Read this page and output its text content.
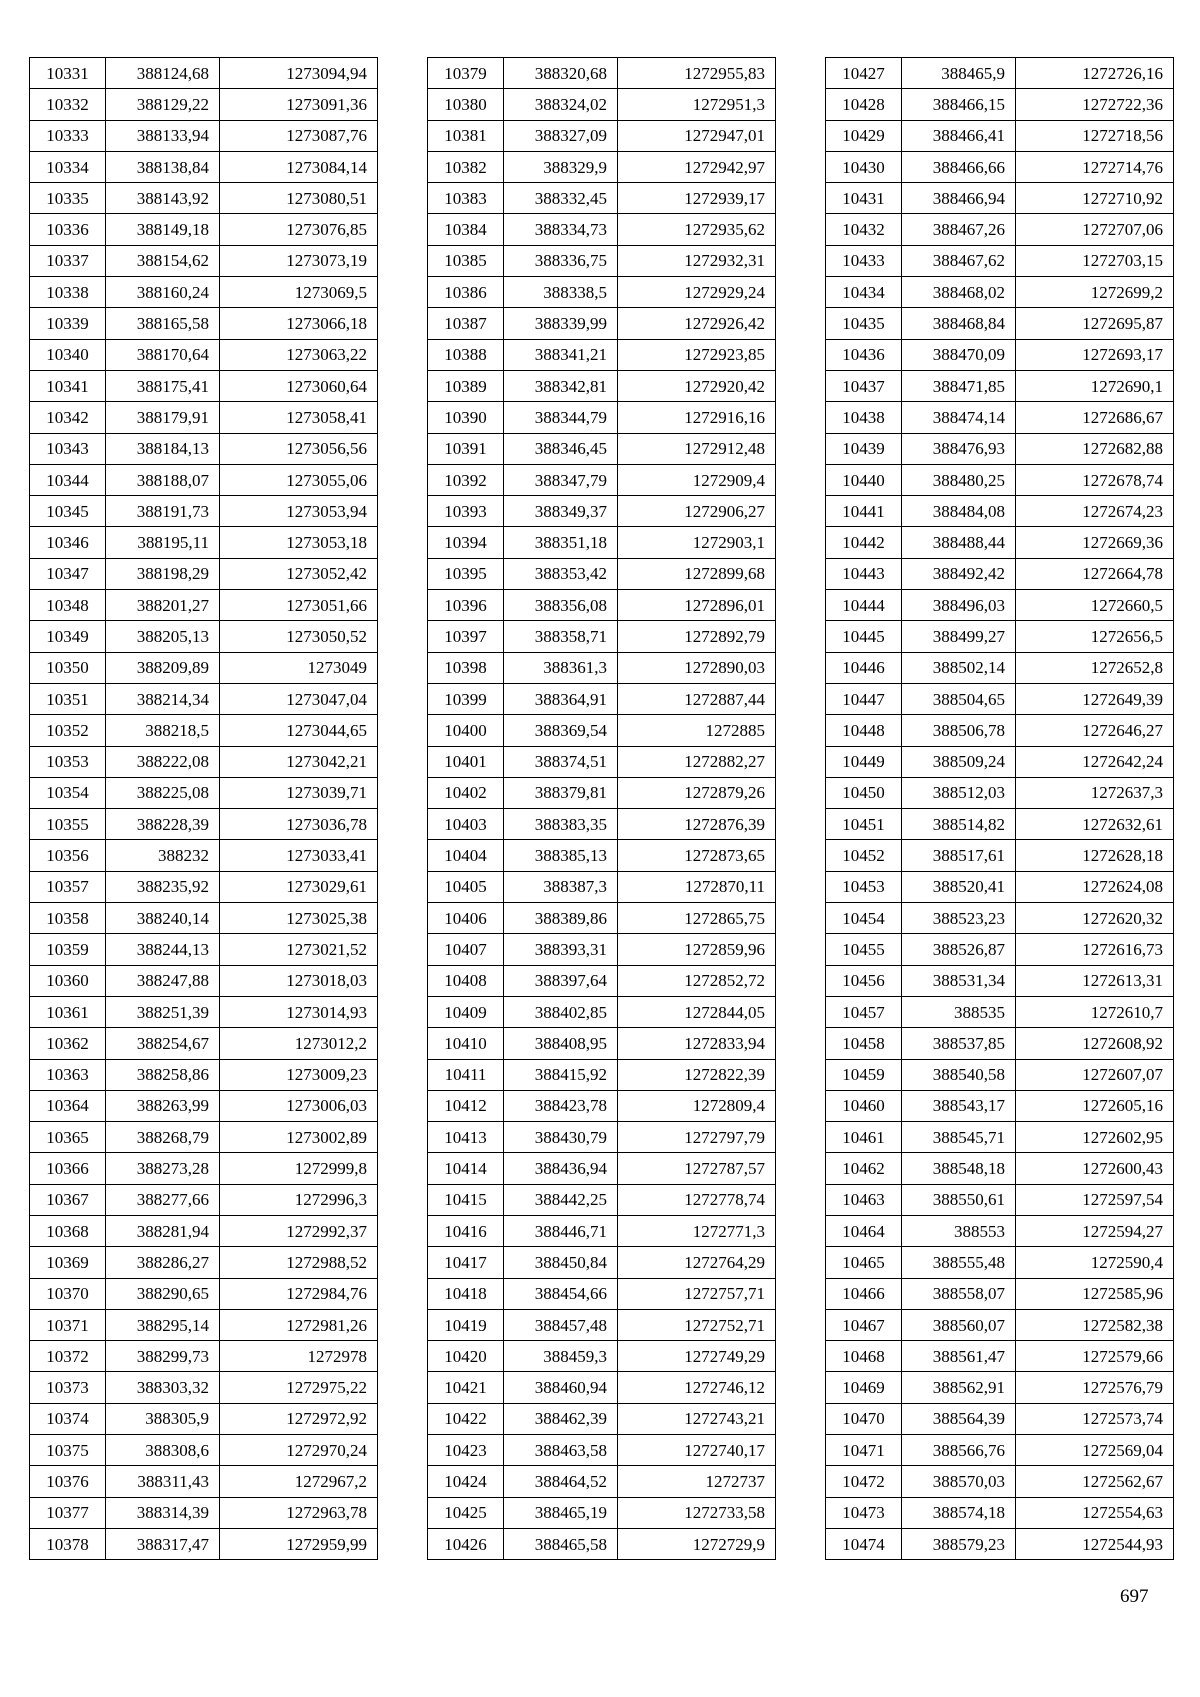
10331	388124,68	1273094,94
10332	388129,22	1273091,36
10333	388133,94	1273087,76
10334	388138,84	1273084,14
10335	388143,92	1273080,51
10336	388149,18	1273076,85
10337	388154,62	1273073,19
10338	388160,24	1273069,5
10339	388165,58	1273066,18
10340	388170,64	1273063,22
10341	388175,41	1273060,64
10342	388179,91	1273058,41
10343	388184,13	1273056,56
10344	388188,07	1273055,06
10345	388191,73	1273053,94
10346	388195,11	1273053,18
10347	388198,29	1273052,42
10348	388201,27	1273051,66
10349	388205,13	1273050,52
10350	388209,89	1273049
10351	388214,34	1273047,04
10352	388218,5	1273044,65
10353	388222,08	1273042,21
10354	388225,08	1273039,71
10355	388228,39	1273036,78
10356	388232	1273033,41
10357	388235,92	1273029,61
10358	388240,14	1273025,38
10359	388244,13	1273021,52
10360	388247,88	1273018,03
10361	388251,39	1273014,93
10362	388254,67	1273012,2
10363	388258,86	1273009,23
10364	388263,99	1273006,03
10365	388268,79	1273002,89
10366	388273,28	1272999,8
10367	388277,66	1272996,3
10368	388281,94	1272992,37
10369	388286,27	1272988,52
10370	388290,65	1272984,76
10371	388295,14	1272981,26
10372	388299,73	1272978
10373	388303,32	1272975,22
10374	388305,9	1272972,92
10375	388308,6	1272970,24
10376	388311,43	1272967,2
10377	388314,39	1272963,78
10378	388317,47	1272959,99
10379	388320,68	1272955,83
10380	388324,02	1272951,3
10381	388327,09	1272947,01
10382	388329,9	1272942,97
10383	388332,45	1272939,17
10384	388334,73	1272935,62
10385	388336,75	1272932,31
10386	388338,5	1272929,24
10387	388339,99	1272926,42
10388	388341,21	1272923,85
10389	388342,81	1272920,42
10390	388344,79	1272916,16
10391	388346,45	1272912,48
10392	388347,79	1272909,4
10393	388349,37	1272906,27
10394	388351,18	1272903,1
10395	388353,42	1272899,68
10396	388356,08	1272896,01
10397	388358,71	1272892,79
10398	388361,3	1272890,03
10399	388364,91	1272887,44
10400	388369,54	1272885
10401	388374,51	1272882,27
10402	388379,81	1272879,26
10403	388383,35	1272876,39
10404	388385,13	1272873,65
10405	388387,3	1272870,11
10406	388389,86	1272865,75
10407	388393,31	1272859,96
10408	388397,64	1272852,72
10409	388402,85	1272844,05
10410	388408,95	1272833,94
10411	388415,92	1272822,39
10412	388423,78	1272809,4
10413	388430,79	1272797,79
10414	388436,94	1272787,57
10415	388442,25	1272778,74
10416	388446,71	1272771,3
10417	388450,84	1272764,29
10418	388454,66	1272757,71
10419	388457,48	1272752,71
10420	388459,3	1272749,29
10421	388460,94	1272746,12
10422	388462,39	1272743,21
10423	388463,58	1272740,17
10424	388464,52	1272737
10425	388465,19	1272733,58
10426	388465,58	1272729,9
10427	388465,9	1272726,16
10428	388466,15	1272722,36
10429	388466,41	1272718,56
10430	388466,66	1272714,76
10431	388466,94	1272710,92
10432	388467,26	1272707,06
10433	388467,62	1272703,15
10434	388468,02	1272699,2
10435	388468,84	1272695,87
10436	388470,09	1272693,17
10437	388471,85	1272690,1
10438	388474,14	1272686,67
10439	388476,93	1272682,88
10440	388480,25	1272678,74
10441	388484,08	1272674,23
10442	388488,44	1272669,36
10443	388492,42	1272664,78
10444	388496,03	1272660,5
10445	388499,27	1272656,5
10446	388502,14	1272652,8
10447	388504,65	1272649,39
10448	388506,78	1272646,27
10449	388509,24	1272642,24
10450	388512,03	1272637,3
10451	388514,82	1272632,61
10452	388517,61	1272628,18
10453	388520,41	1272624,08
10454	388523,23	1272620,32
10455	388526,87	1272616,73
10456	388531,34	1272613,31
10457	388535	1272610,7
10458	388537,85	1272608,92
10459	388540,58	1272607,07
10460	388543,17	1272605,16
10461	388545,71	1272602,95
10462	388548,18	1272600,43
10463	388550,61	1272597,54
10464	388553	1272594,27
10465	388555,48	1272590,4
10466	388558,07	1272585,96
10467	388560,07	1272582,38
10468	388561,47	1272579,66
10469	388562,91	1272576,79
10470	388564,39	1272573,74
10471	388566,76	1272569,04
10472	388570,03	1272562,67
10473	388574,18	1272554,63
10474	388579,23	1272544,93
697
